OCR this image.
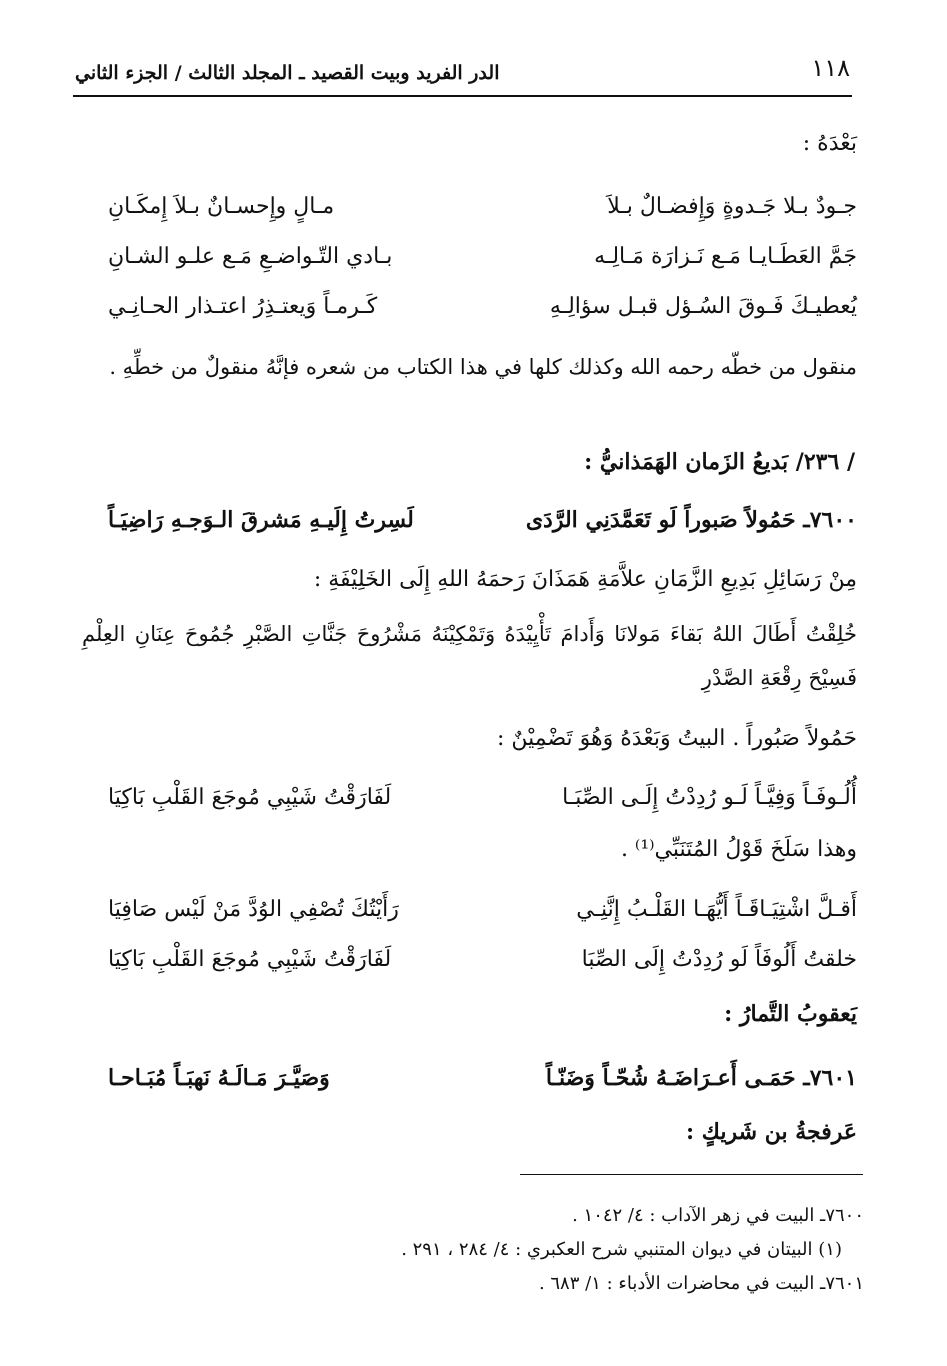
١١٨
الدر الفريد وبيت القصيد ـ المجلد الثالث / الجزء الثاني
بَعْدَهُ :
جـودٌ بـلا جَـدوةٍ وَإِفضـالٌ بـلاَ
مـالٍ وإِحسـانٌ بـلاَ إِمكَـانِ
جَمَّ العَطَـايـا مَـع نَـزارَة مَـالِـه
بـادي التّـواضـعِ مَـع علـو الشـانِ
يُعطيـكَ فَـوقَ السُـؤل قبـل سؤالِـهِ
كَـرمـاً وَيعتـذِرُ اعتـذار الحـانِـي
منقول من خطّه رحمه الله وكذلك كلها في هذا الكتاب من شعره فإنَّهُ منقولٌ من خطِّهِ .
/ ٢٣٦/ بَديعُ الزَمان الهَمَذانيُّ :
٧٦٠٠ـ حَمُولاً صَبوراً لَو تَعَمَّدَنِي الرَّدَى
لَسِرتُ إِلَيـهِ مَشرقَ الـوَجـهِ رَاضِيَـاً
مِنْ رَسَائِلِ بَدِيعِ الزَّمَانِ علاَّمَةِ هَمَذَانَ رَحمَهُ اللهِ إِلَى الخَلِيْفَةِ :
خُلِقْتُ أَطَالَ اللهُ بَقاءَ مَولانَا وَأَدامَ تَأْيِيْدَهُ وَتَمْكِيْنَهُ مَشْرُوحَ جَنَّاتِ الصَّبْرِ جُمُوحَ عِنَانِ العِلْمِ فَسِيْحَ رِقْعَةِ الصَّدْرِ
حَمُولاً صَبُوراً . البيتُ وَبَعْدَهُ وَهُوَ تَضْمِيْنٌ :
أُلُـوفَـاً وَفِيَّـاً لَـو رُدِدْتُ إِلَـى الصِّبَـا
لَفَارَقْتُ شَيْبِي مُوجَعَ القَلْبِ بَاكِيَا
وهذا سَلَخَ قَوْلُ المُتَنَبِّي⁽¹⁾ .
أَقـلَّ اشْتِيَـاقَـاً أَيُّهَـا القَلْـبُ إِنَّنِـي
رَأَيْتُكَ تُصْفِي الوُدَّ مَنْ لَيْس صَافِيَا
خلقتُ أَلُوفَاً لَو رُدِدْتُ إِلَى الصِّبَا
لَفَارَقْتُ شَيْبِي مُوجَعَ القَلْبِ بَاكِيَا
يَعقوبُ التَّمارُ :
٧٦٠١ـ حَمَـى أَعـرَاضَـهُ شُحّـاً وَضَنّـاً
وَصَيَّـرَ مَـالَـهُ نَهبَـاً مُبَـاحـا
عَرفجةُ بن شَريكٍ :
٧٦٠٠ـ البيت في زهر الآداب : ٤/ ١٠٤٢ .
(١) البيتان في ديوان المتنبي شرح العكبري : ٤/ ٢٨٤ ، ٢٩١ .
٧٦٠١ـ البيت في محاضرات الأدباء : ١/ ٦٨٣ .
